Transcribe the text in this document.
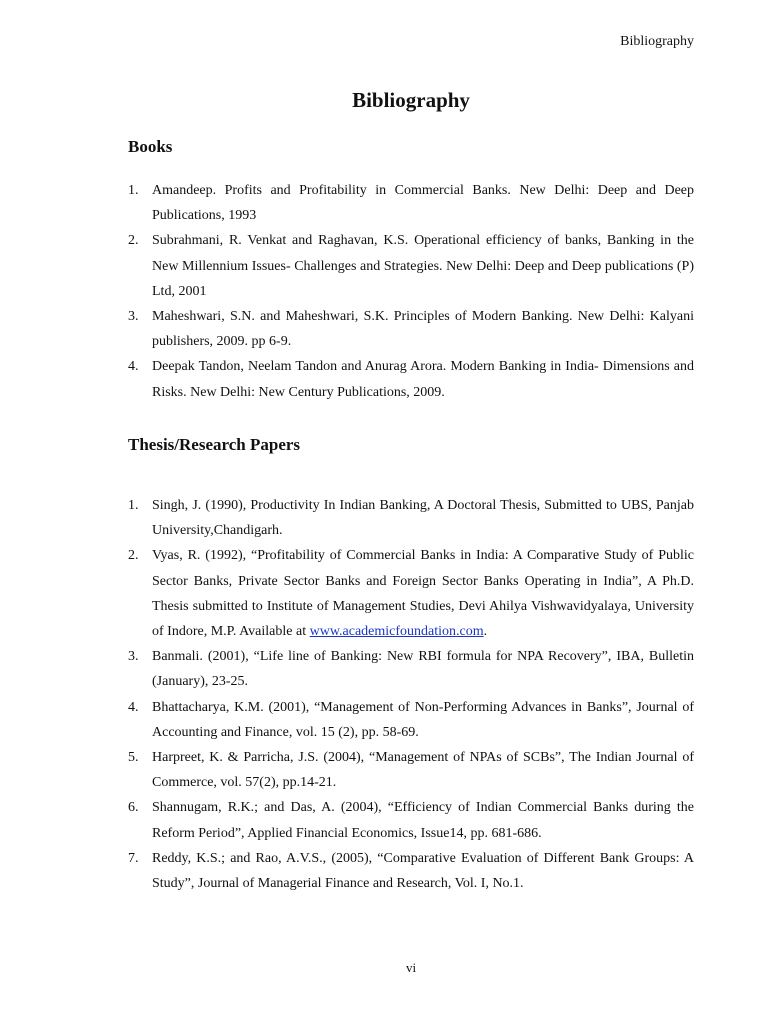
Bibliography
Bibliography
Books
1. Amandeep. Profits and Profitability in Commercial Banks. New Delhi: Deep and Deep Publications, 1993
2. Subrahmani, R. Venkat and Raghavan, K.S. Operational efficiency of banks, Banking in the New Millennium Issues- Challenges and Strategies. New Delhi: Deep and Deep publications (P) Ltd, 2001
3. Maheshwari, S.N. and Maheshwari, S.K. Principles of Modern Banking. New Delhi: Kalyani publishers, 2009. pp 6-9.
4. Deepak Tandon, Neelam Tandon and Anurag Arora. Modern Banking in India- Dimensions and Risks. New Delhi: New Century Publications, 2009.
Thesis/Research Papers
1. Singh, J. (1990), Productivity In Indian Banking, A Doctoral Thesis, Submitted to UBS, Panjab University,Chandigarh.
2. Vyas, R. (1992), “Profitability of Commercial Banks in India: A Comparative Study of Public Sector Banks, Private Sector Banks and Foreign Sector Banks Operating in India”, A Ph.D. Thesis submitted to Institute of Management Studies, Devi Ahilya Vishwavidyalaya, University of Indore, M.P. Available at www.academicfoundation.com.
3. Banmali. (2001), “Life line of Banking: New RBI formula for NPA Recovery”, IBA, Bulletin (January), 23-25.
4. Bhattacharya, K.M. (2001), “Management of Non-Performing Advances in Banks”, Journal of Accounting and Finance, vol. 15 (2), pp. 58-69.
5. Harpreet, K. & Parricha, J.S. (2004), “Management of NPAs of SCBs”, The Indian Journal of Commerce, vol. 57(2), pp.14-21.
6. Shannugam, R.K.; and Das, A. (2004), “Efficiency of Indian Commercial Banks during the Reform Period”, Applied Financial Economics, Issue14, pp. 681-686.
7. Reddy, K.S.; and Rao, A.V.S., (2005), “Comparative Evaluation of Different Bank Groups: A Study”, Journal of Managerial Finance and Research, Vol. I, No.1.
vi
